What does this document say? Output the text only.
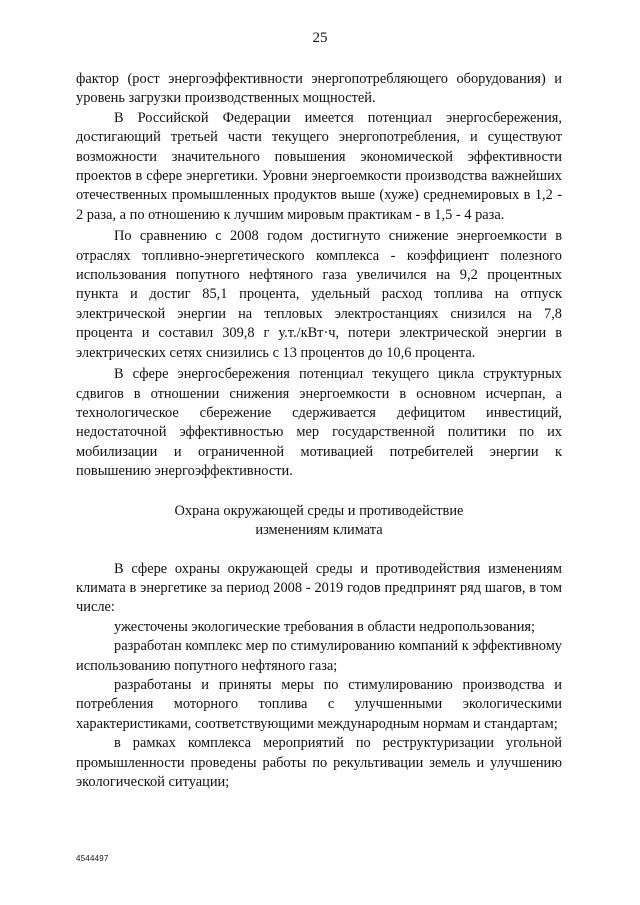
25

фактор (рост энергоэффективности энергопотребляющего оборудования) и уровень загрузки производственных мощностей.

В Российской Федерации имеется потенциал энергосбережения, достигающий третьей части текущего энергопотребления, и существуют возможности значительного повышения экономической эффективности проектов в сфере энергетики. Уровни энергоемкости производства важнейших отечественных промышленных продуктов выше (хуже) среднемировых в 1,2 - 2 раза, а по отношению к лучшим мировым практикам - в 1,5 - 4 раза.

По сравнению с 2008 годом достигнуто снижение энергоемкости в отраслях топливно-энергетического комплекса - коэффициент полезного использования попутного нефтяного газа увеличился на 9,2 процентных пункта и достиг 85,1 процента, удельный расход топлива на отпуск электрической энергии на тепловых электростанциях снизился на 7,8 процента и составил 309,8 г у.т./кВт·ч, потери электрической энергии в электрических сетях снизились с 13 процентов до 10,6 процента.

В сфере энергосбережения потенциал текущего цикла структурных сдвигов в отношении снижения энергоемкости в основном исчерпан, а технологическое сбережение сдерживается дефицитом инвестиций, недостаточной эффективностью мер государственной политики по их мобилизации и ограниченной мотивацией потребителей энергии к повышению энергоэффективности.

Охрана окружающей среды и противодействие
изменениям климата

В сфере охраны окружающей среды и противодействия изменениям климата в энергетике за период 2008 - 2019 годов предпринят ряд шагов, в том числе:

ужесточены экологические требования в области недропользования;

разработан комплекс мер по стимулированию компаний к эффективному использованию попутного нефтяного газа;

разработаны и приняты меры по стимулированию производства и потребления моторного топлива с улучшенными экологическими характеристиками, соответствующими международным нормам и стандартам;

в рамках комплекса мероприятий по реструктуризации угольной промышленности проведены работы по рекультивации земель и улучшению экологической ситуации;

4544497
